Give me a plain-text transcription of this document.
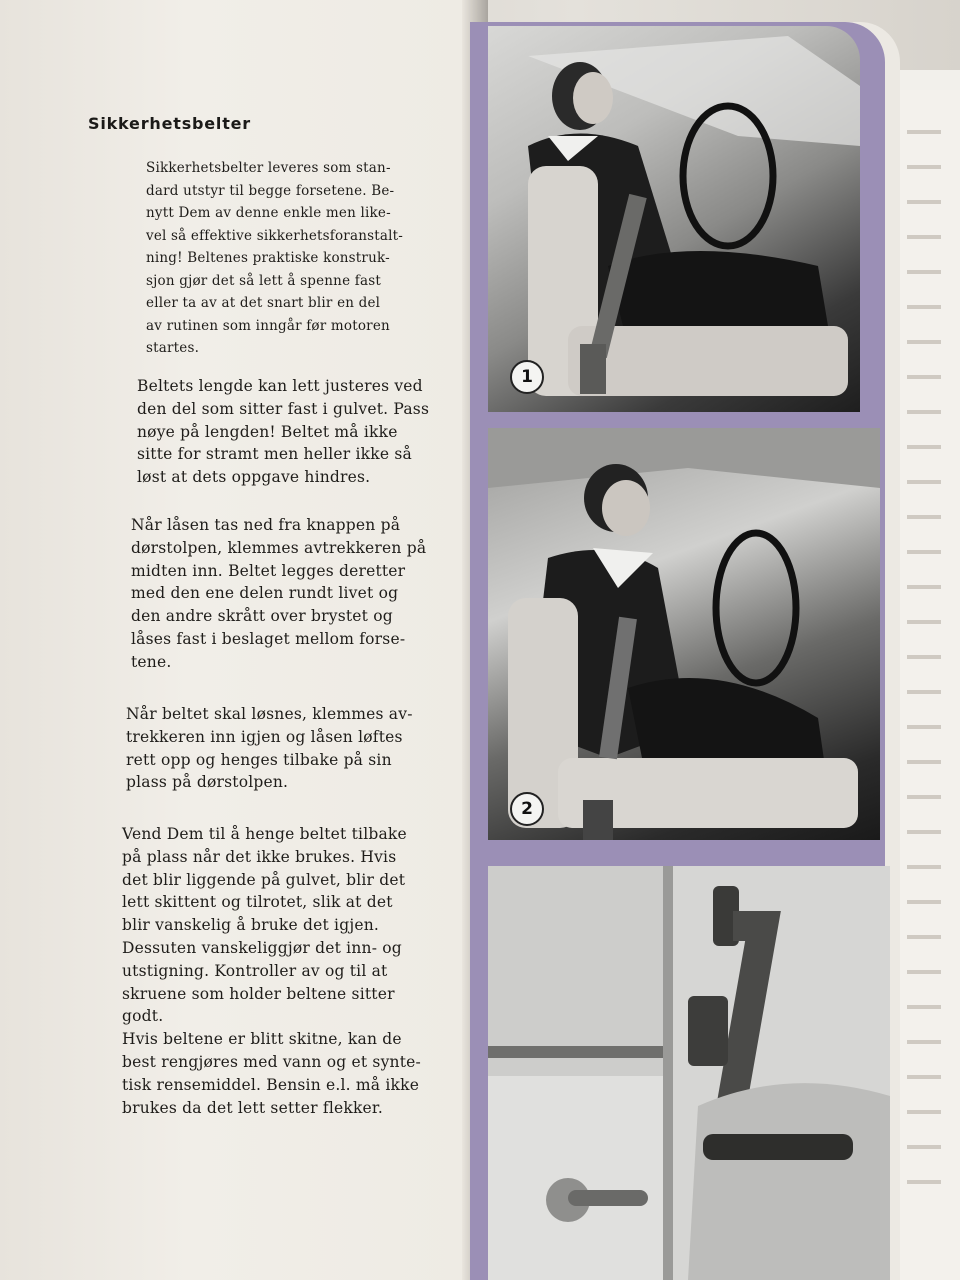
Sikkerhetsbelter

Sikkerhetsbelter leveres som stan-
dard utstyr til begge forsetene. Be-
nytt Dem av denne enkle men like-
vel så effektive sikkerhetsforanstalt-
ning! Beltenes praktiske konstruk-
sjon gjør det så lett å spenne fast
eller ta av at det snart blir en del
av rutinen som inngår før motoren
startes.

Beltets lengde kan lett justeres ved
den del som sitter fast i gulvet. Pass
nøye på lengden! Beltet må ikke
sitte for stramt men heller ikke så
løst at dets oppgave hindres.

Når låsen tas ned fra knappen på
dørstolpen, klemmes avtrekkeren på
midten inn. Beltet legges deretter
med den ene delen rundt livet og
den andre skrått over brystet og
låses fast i beslaget mellom forse-
tene.

Når beltet skal løsnes, klemmes av-
trekkeren inn igjen og låsen løftes
rett opp og henges tilbake på sin
plass på dørstolpen.

Vend Dem til å henge beltet tilbake
på plass når det ikke brukes. Hvis
det blir liggende på gulvet, blir det
lett skittent og tilrotet, slik at det
blir vanskelig å bruke det igjen.
Dessuten vanskeliggjør det inn- og
utstigning. Kontroller av og til at
skruene som holder beltene sitter
godt.
Hvis beltene er blitt skitne, kan de
best rengjøres med vann og et synte-
tisk rensemiddel. Bensin e.l. må ikke
brukes da det lett setter flekker.

1
2
